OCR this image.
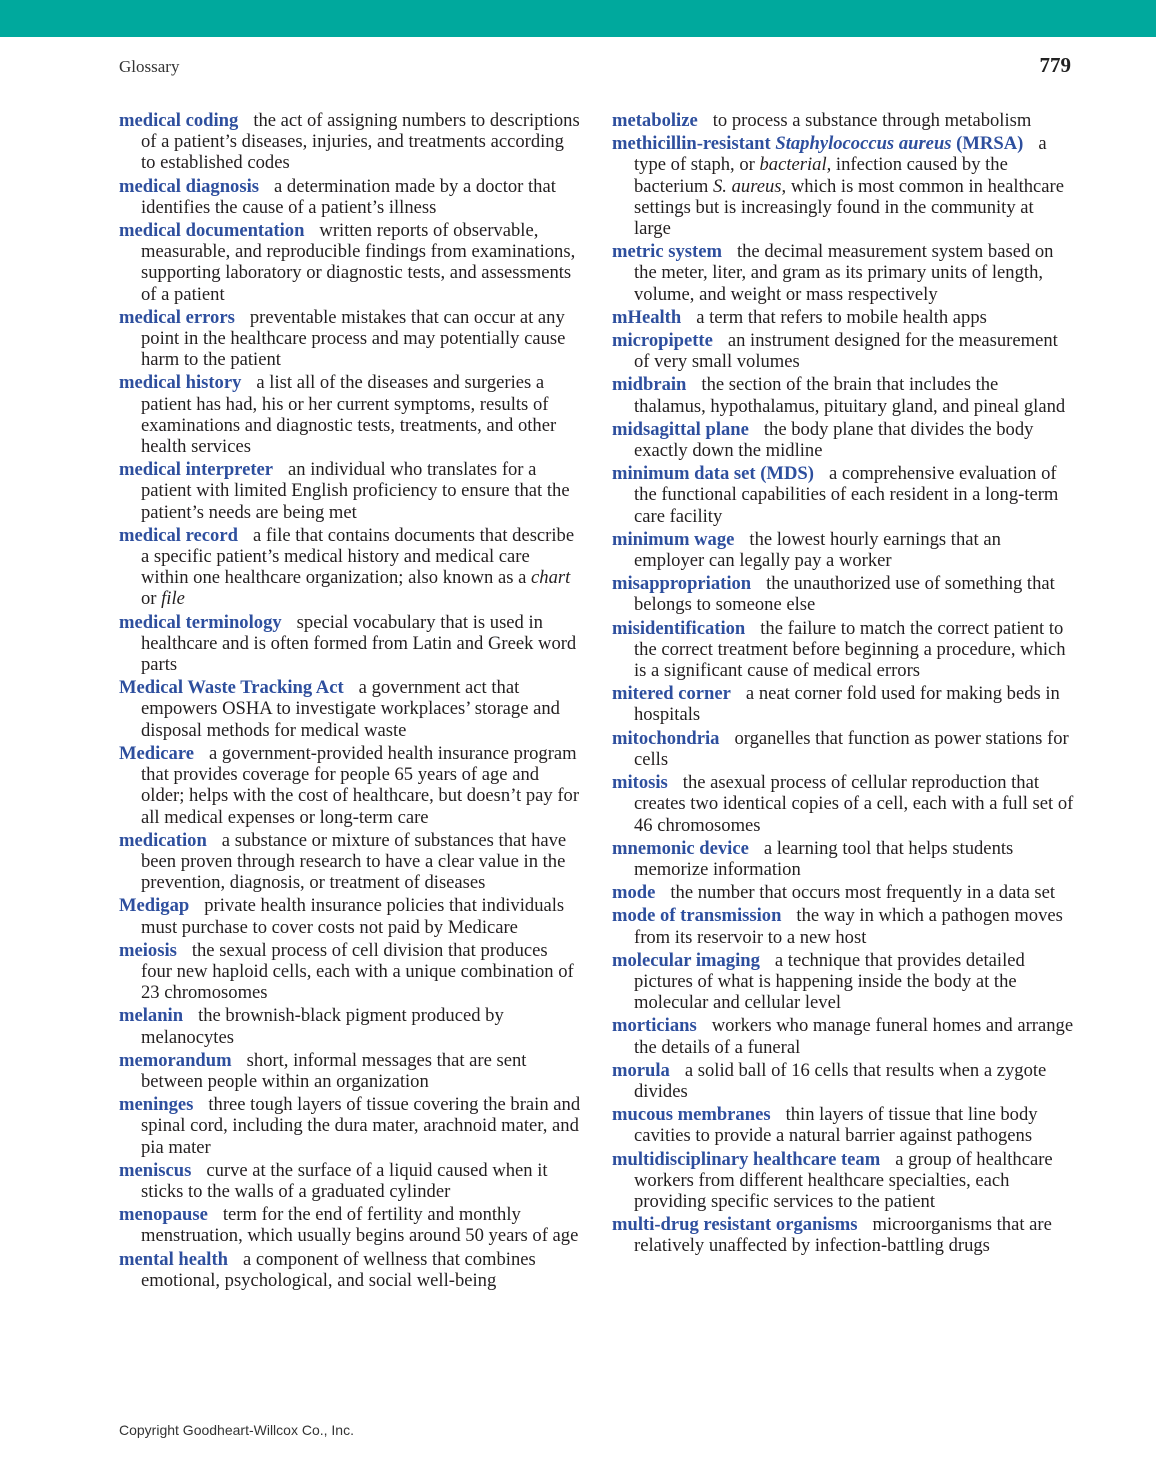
Glossary	779

medical coding the act of assigning numbers to descriptions of a patient’s diseases, injuries, and treatments according to established codes

medical diagnosis a determination made by a doctor that identifies the cause of a patient’s illness

medical documentation written reports of observable, measurable, and reproducible findings from examinations, supporting laboratory or diagnostic tests, and assessments of a patient

medical errors preventable mistakes that can occur at any point in the healthcare process and may potentially cause harm to the patient

medical history a list all of the diseases and surgeries a patient has had, his or her current symptoms, results of examinations and diagnostic tests, treatments, and other health services

medical interpreter an individual who translates for a patient with limited English proficiency to ensure that the patient’s needs are being met

medical record a file that contains documents that describe a specific patient’s medical history and medical care within one healthcare organization; also known as a chart or file

medical terminology special vocabulary that is used in healthcare and is often formed from Latin and Greek word parts

Medical Waste Tracking Act a government act that empowers OSHA to investigate workplaces’ storage and disposal methods for medical waste

Medicare a government-provided health insurance program that provides coverage for people 65 years of age and older; helps with the cost of healthcare, but doesn’t pay for all medical expenses or long-term care

medication a substance or mixture of substances that have been proven through research to have a clear value in the prevention, diagnosis, or treatment of diseases

Medigap private health insurance policies that individuals must purchase to cover costs not paid by Medicare

meiosis the sexual process of cell division that produces four new haploid cells, each with a unique combination of 23 chromosomes

melanin the brownish-black pigment produced by melanocytes

memorandum short, informal messages that are sent between people within an organization

meninges three tough layers of tissue covering the brain and spinal cord, including the dura mater, arachnoid mater, and pia mater

meniscus curve at the surface of a liquid caused when it sticks to the walls of a graduated cylinder

menopause term for the end of fertility and monthly menstruation, which usually begins around 50 years of age

mental health a component of wellness that combines emotional, psychological, and social well-being

metabolize to process a substance through metabolism

methicillin-resistant Staphylococcus aureus (MRSA) a type of staph, or bacterial, infection caused by the bacterium S. aureus, which is most common in healthcare settings but is increasingly found in the community at large

metric system the decimal measurement system based on the meter, liter, and gram as its primary units of length, volume, and weight or mass respectively

mHealth a term that refers to mobile health apps

micropipette an instrument designed for the measurement of very small volumes

midbrain the section of the brain that includes the thalamus, hypothalamus, pituitary gland, and pineal gland

midsagittal plane the body plane that divides the body exactly down the midline

minimum data set (MDS) a comprehensive evaluation of the functional capabilities of each resident in a long-term care facility

minimum wage the lowest hourly earnings that an employer can legally pay a worker

misappropriation the unauthorized use of something that belongs to someone else

misidentification the failure to match the correct patient to the correct treatment before beginning a procedure, which is a significant cause of medical errors

mitered corner a neat corner fold used for making beds in hospitals

mitochondria organelles that function as power stations for cells

mitosis the asexual process of cellular reproduction that creates two identical copies of a cell, each with a full set of 46 chromosomes

mnemonic device a learning tool that helps students memorize information

mode the number that occurs most frequently in a data set

mode of transmission the way in which a pathogen moves from its reservoir to a new host

molecular imaging a technique that provides detailed pictures of what is happening inside the body at the molecular and cellular level

morticians workers who manage funeral homes and arrange the details of a funeral

morula a solid ball of 16 cells that results when a zygote divides

mucous membranes thin layers of tissue that line body cavities to provide a natural barrier against pathogens

multidisciplinary healthcare team a group of healthcare workers from different healthcare specialties, each providing specific services to the patient

multi-drug resistant organisms microorganisms that are relatively unaffected by infection-battling drugs

Copyright Goodheart-Willcox Co., Inc.
